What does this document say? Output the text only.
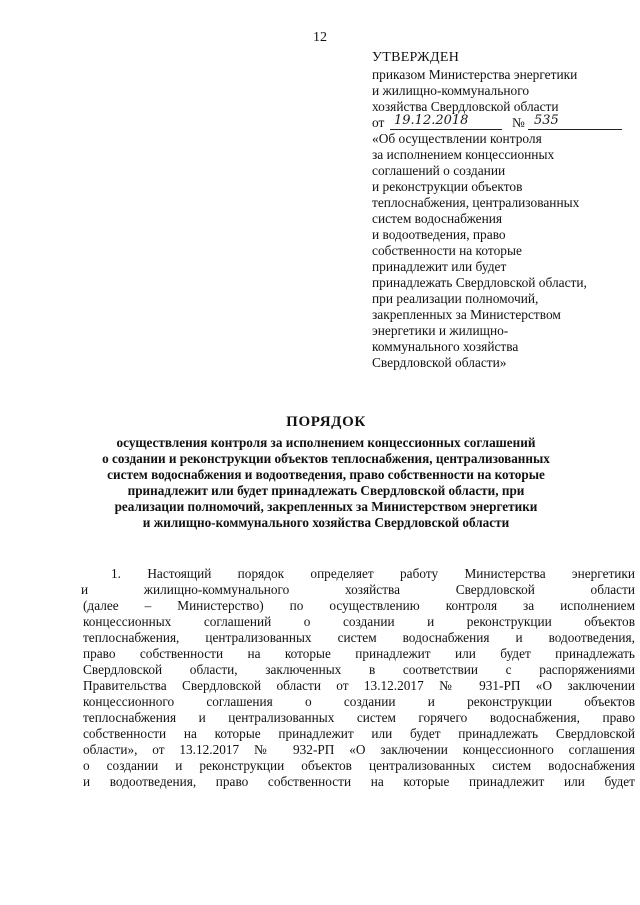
12
УТВЕРЖДЕН
приказом Министерства энергетики
и жилищно-коммунального
хозяйства Свердловской области
от 19.12.2018	№ 535
«Об осуществлении контроля
за исполнением концессионных
соглашений о создании
и реконструкции объектов
теплоснабжения, централизованных
систем водоснабжения
и водоотведения, право
собственности на которые
принадлежит или будет
принадлежать Свердловской области,
при реализации полномочий,
закрепленных за Министерством
энергетики и жилищно-
коммунального хозяйства
Свердловской области»
ПОРЯДОК
осуществления контроля за исполнением концессионных соглашений
о создании и реконструкции объектов теплоснабжения, централизованных
систем водоснабжения и водоотведения, право собственности на которые
принадлежит или будет принадлежать Свердловской области, при
реализации полномочий, закрепленных за Министерством энергетики
и жилищно-коммунального хозяйства Свердловской области
1. Настоящий порядок определяет работу Министерства энергетики
и жилищно-коммунального хозяйства Свердловской области
(далее – Министерство) по осуществлению контроля за исполнением
концессионных соглашений о создании и реконструкции объектов
теплоснабжения, централизованных систем водоснабжения и водоотведения,
право собственности на которые принадлежит или будет принадлежать
Свердловской области, заключенных в соответствии с распоряжениями
Правительства Свердловской области от 13.12.2017 № 931-РП «О заключении
концессионного соглашения о создании и реконструкции объектов
теплоснабжения и централизованных систем горячего водоснабжения, право
собственности на которые принадлежит или будет принадлежать Свердловской
области», от 13.12.2017 № 932-РП «О заключении концессионного соглашения
о создании и реконструкции объектов централизованных систем водоснабжения
и водоотведения, право собственности на которые принадлежит или будет
